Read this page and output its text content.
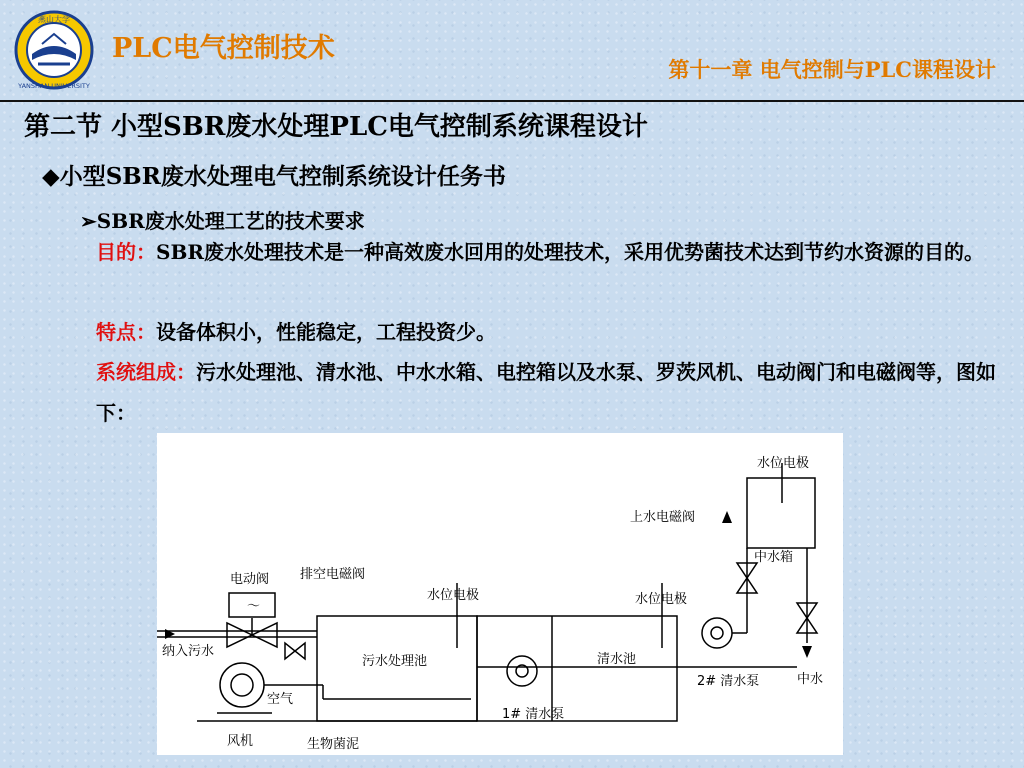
燕山大学
YANSHAN UNIVERSITY
PLC电气控制技术
第十一章 电气控制与PLC课程设计
第二节 小型SBR废水处理PLC电气控制系统课程设计
◆小型SBR废水处理电气控制系统设计任务书
➢SBR废水处理工艺的技术要求
目的：SBR废水处理技术是一种高效废水回用的处理技术，采用优势菌技术达到节约水资源的目的。
特点：设备体积小，性能稳定，工程投资少。
系统组成：污水处理池、清水池、中水水箱、电控箱以及水泵、罗茨风机、电动阀门和电磁阀等，图如下：
电动阀
～
排空电磁阀
纳入污水
水位电极
污水处理池	清水池
水位电极
水位电极
上水电磁阀
中水箱
2# 清水泵
1# 清水泵
中水
空气
风机	生物菌泥
